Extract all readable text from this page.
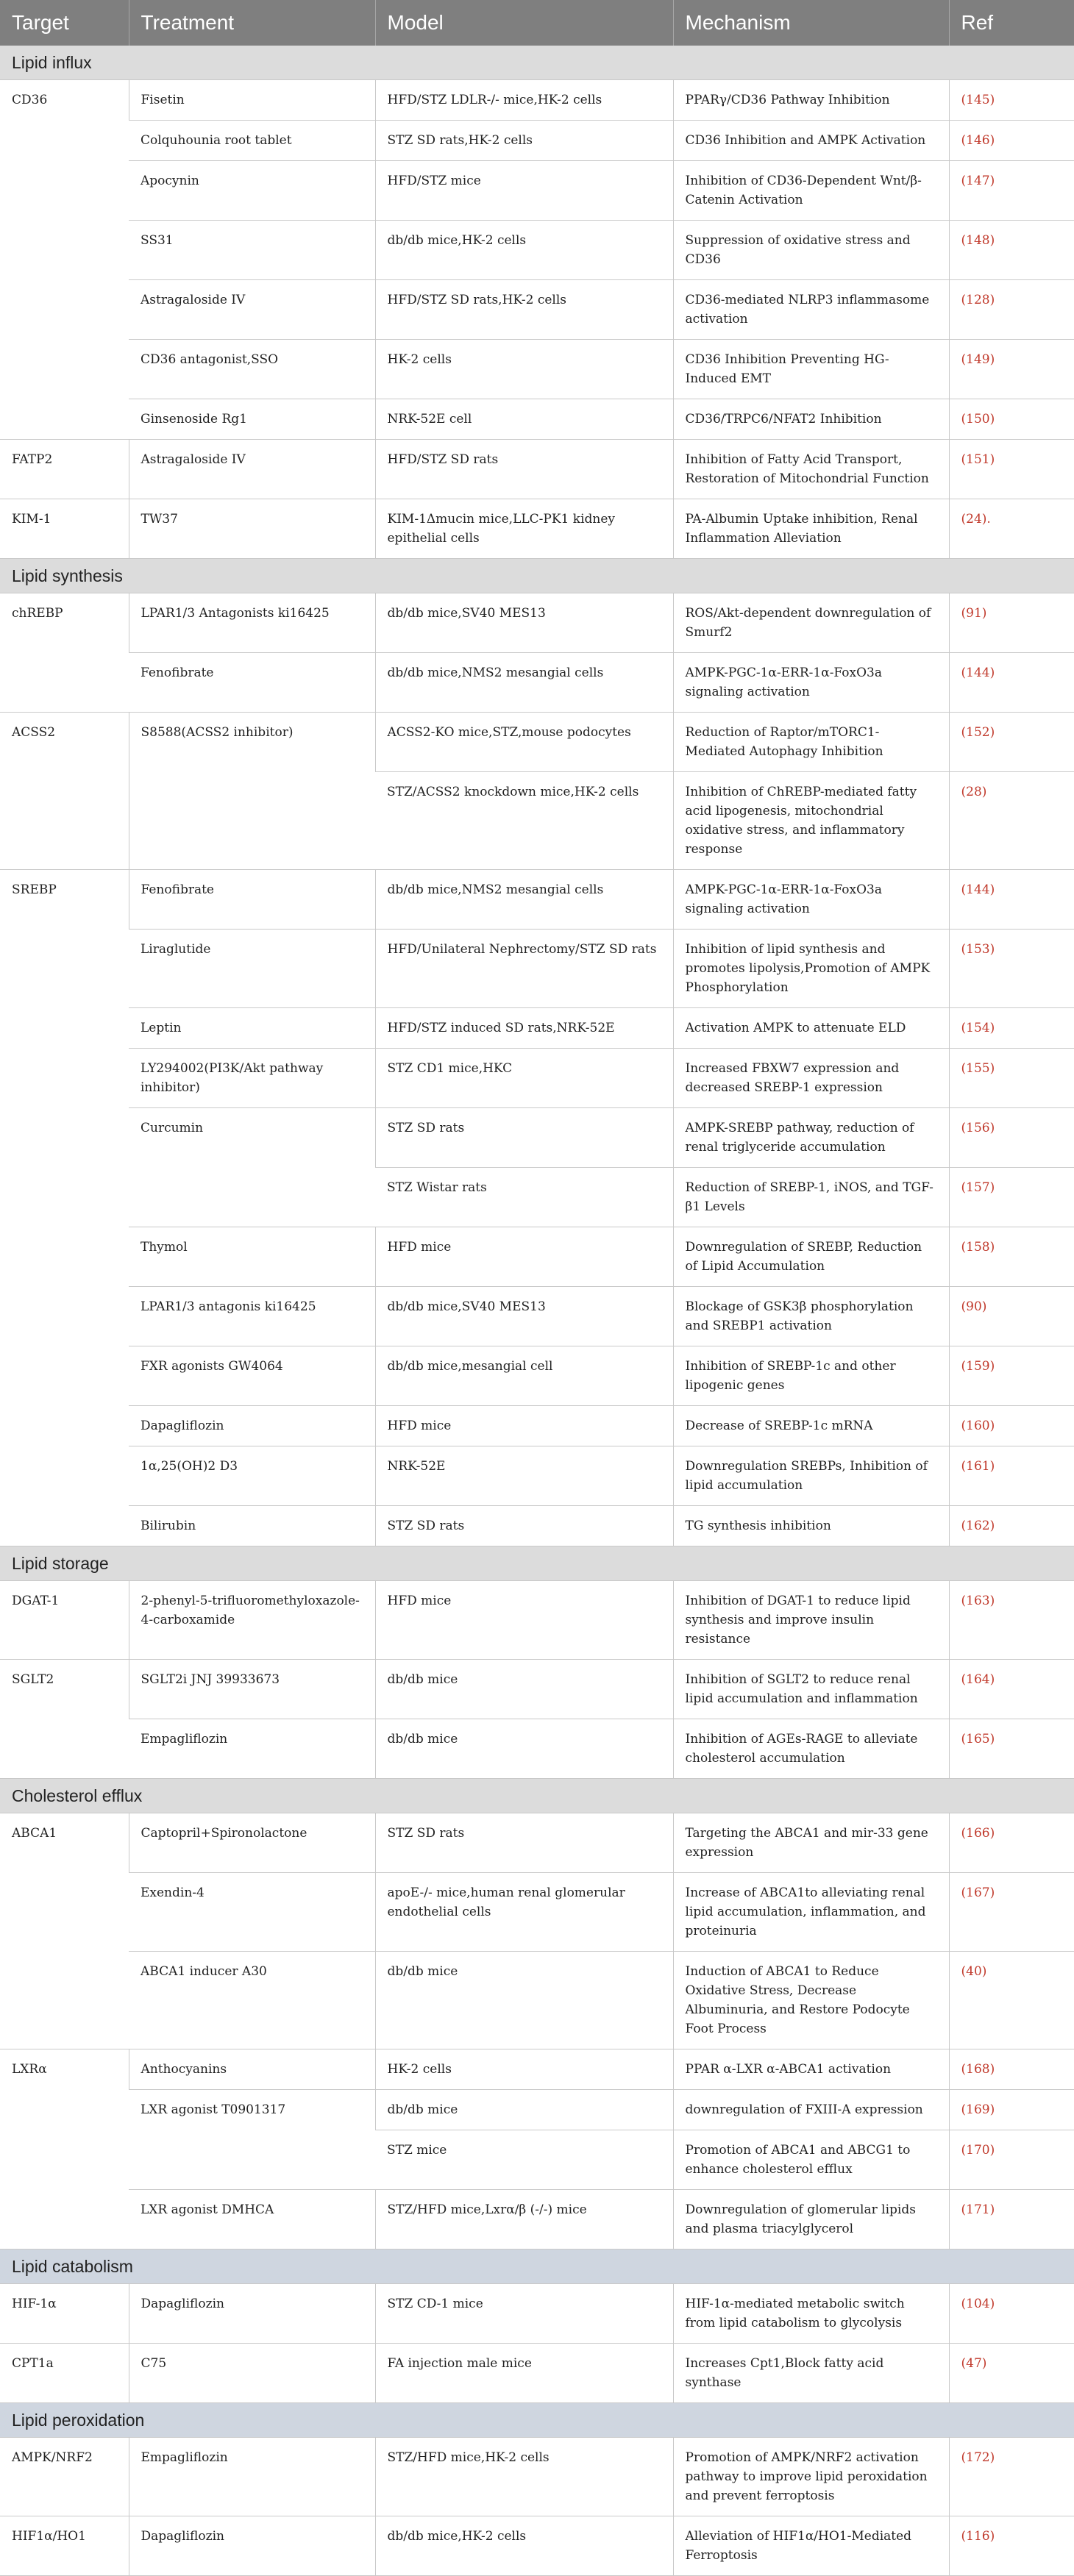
Target	Treatment	Model	Mechanism	Ref
Lipid influx				
CD36	Fisetin	HFD/STZ LDLR-/- mice,HK-2 cells	PPARγ/CD36 Pathway Inhibition	(145)
	Colquhounia root tablet	STZ SD rats,HK-2 cells	CD36 Inhibition and AMPK Activation	(146)
	Apocynin	HFD/STZ mice	Inhibition of CD36-Dependent Wnt/β-Catenin Activation	(147)
	SS31	db/db mice,HK-2 cells	Suppression of oxidative stress and CD36	(148)
	Astragaloside IV	HFD/STZ SD rats,HK-2 cells	CD36-mediated NLRP3 inflammasome activation	(128)
	CD36 antagonist,SSO	HK-2 cells	CD36 Inhibition Preventing HG-Induced EMT	(149)
	Ginsenoside Rg1	NRK-52E cell	CD36/TRPC6/NFAT2 Inhibition	(150)
FATP2	Astragaloside IV	HFD/STZ SD rats	Inhibition of Fatty Acid Transport, Restoration of Mitochondrial Function	(151)
KIM-1	TW37	KIM-1Δmucin mice,LLC-PK1 kidney epithelial cells	PA-Albumin Uptake inhibition, Renal Inflammation Alleviation	(24).
Lipid synthesis				
chREBP	LPAR1/3 Antagonists ki16425	db/db mice,SV40 MES13	ROS/Akt-dependent downregulation of Smurf2	(91)
	Fenofibrate	db/db mice,NMS2 mesangial cells	AMPK-PGC-1α-ERR-1α-FoxO3a signaling activation	(144)
ACSS2	S8588(ACSS2 inhibitor)	ACSS2-KO mice,STZ,mouse podocytes	Reduction of Raptor/mTORC1-Mediated Autophagy Inhibition	(152)
		STZ/ACSS2 knockdown mice,HK-2 cells	Inhibition of ChREBP-mediated fatty acid lipogenesis, mitochondrial oxidative stress, and inflammatory response	(28)
SREBP	Fenofibrate	db/db mice,NMS2 mesangial cells	AMPK-PGC-1α-ERR-1α-FoxO3a signaling activation	(144)
	Liraglutide	HFD/Unilateral Nephrectomy/STZ SD rats	Inhibition of lipid synthesis and promotes lipolysis,Promotion of AMPK Phosphorylation	(153)
	Leptin	HFD/STZ induced SD rats,NRK-52E	Activation AMPK to attenuate ELD	(154)
	LY294002(PI3K/Akt pathway inhibitor)	STZ CD1 mice,HKC	Increased FBXW7 expression and decreased SREBP-1 expression	(155)
	Curcumin	STZ SD rats	AMPK-SREBP pathway, reduction of renal triglyceride accumulation	(156)
		STZ Wistar rats	Reduction of SREBP-1, iNOS, and TGF-β1 Levels	(157)
	Thymol	HFD mice	Downregulation of SREBP, Reduction of Lipid Accumulation	(158)
	LPAR1/3 antagonis ki16425	db/db mice,SV40 MES13	Blockage of GSK3β phosphorylation and SREBP1 activation	(90)
	FXR agonists GW4064	db/db mice,mesangial cell	Inhibition of SREBP-1c and other lipogenic genes	(159)
	Dapagliflozin	HFD mice	Decrease of SREBP-1c mRNA	(160)
	1α,25(OH)2 D3	NRK-52E	Downregulation SREBPs, Inhibition of lipid accumulation	(161)
	Bilirubin	STZ SD rats	TG synthesis inhibition	(162)
Lipid storage				
DGAT-1	2-phenyl-5-trifluoromethyloxazole-4-carboxamide	HFD mice	Inhibition of DGAT-1 to reduce lipid synthesis and improve insulin resistance	(163)
SGLT2	SGLT2i JNJ 39933673	db/db mice	Inhibition of SGLT2 to reduce renal lipid accumulation and inflammation	(164)
	Empagliflozin	db/db mice	Inhibition of AGEs-RAGE to alleviate cholesterol accumulation	(165)
Cholesterol efflux				
ABCA1	Captopril+Spironolactone	STZ SD rats	Targeting the ABCA1 and mir-33 gene expression	(166)
	Exendin-4	apoE-/- mice,human renal glomerular endothelial cells	Increase of ABCA1to alleviating renal lipid accumulation, inflammation, and proteinuria	(167)
	ABCA1 inducer A30	db/db mice	Induction of ABCA1 to Reduce Oxidative Stress, Decrease Albuminuria, and Restore Podocyte Foot Process	(40)
LXRα	Anthocyanins	HK-2 cells	PPAR α-LXR α-ABCA1 activation	(168)
	LXR agonist T0901317	db/db mice	downregulation of FXIII-A expression	(169)
		STZ mice	Promotion of ABCA1 and ABCG1 to enhance cholesterol efflux	(170)
	LXR agonist DMHCA	STZ/HFD mice,Lxrα/β (-/-) mice	Downregulation of glomerular lipids and plasma triacylglycerol	(171)
Lipid catabolism				
HIF-1α	Dapagliflozin	STZ CD-1 mice	HIF-1α-mediated metabolic switch from lipid catabolism to glycolysis	(104)
CPT1a	C75	FA injection male mice	Increases Cpt1,Block fatty acid synthase	(47)
Lipid peroxidation				
AMPK/NRF2	Empagliflozin	STZ/HFD mice,HK-2 cells	Promotion of AMPK/NRF2 activation pathway to improve lipid peroxidation and prevent ferroptosis	(172)
HIF1α/HO1	Dapagliflozin	db/db mice,HK-2 cells	Alleviation of HIF1α/HO1-Mediated Ferroptosis	(116)
